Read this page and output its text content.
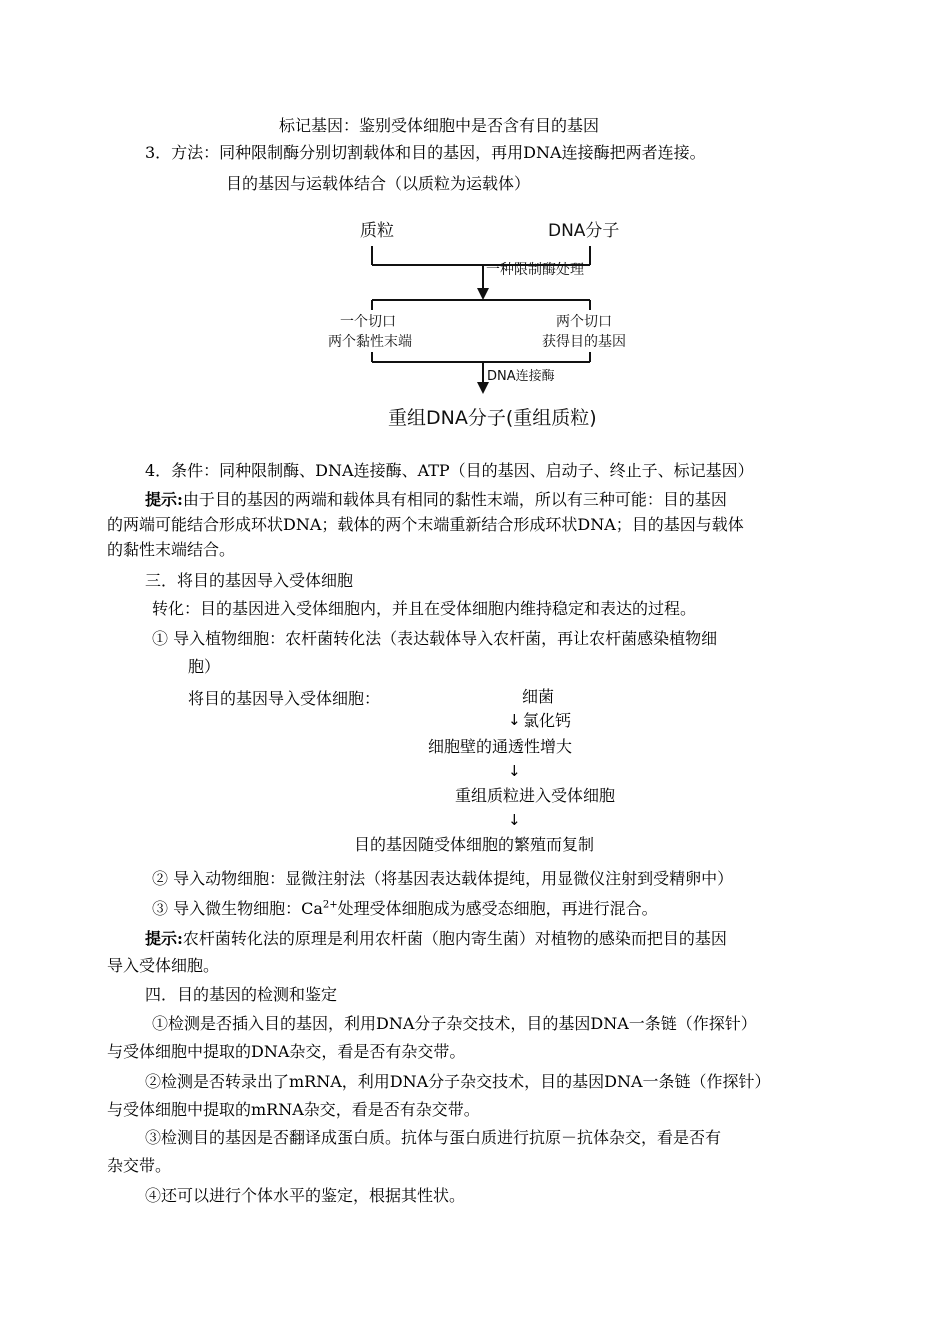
标记基因：鉴别受体细胞中是否含有目的基因
3．方法：同种限制酶分别切割载体和目的基因，再用DNA连接酶把两者连接。
目的基因与运载体结合（以质粒为运载体）
质粒	DNA分子
一种限制酶处理
一个切口
两个黏性末端
两个切口
获得目的基因
DNA连接酶
重组DNA分子(重组质粒)
4．条件：同种限制酶、DNA连接酶、ATP（目的基因、启动子、终止子、标记基因）
提示:由于目的基因的两端和载体具有相同的黏性末端，所以有三种可能：目的基因
的两端可能结合形成环状DNA；载体的两个末端重新结合形成环状DNA；目的基因与载体
的黏性末端结合。
三．将目的基因导入受体细胞
转化：目的基因进入受体细胞内，并且在受体细胞内维持稳定和表达的过程。
① 导入植物细胞：农杆菌转化法（表达载体导入农杆菌，再让农杆菌感染植物细
胞）
将目的基因导入受体细胞：	细菌
↓ 氯化钙
细胞壁的通透性增大
↓
重组质粒进入受体细胞
↓
目的基因随受体细胞的繁殖而复制
② 导入动物细胞：显微注射法（将基因表达载体提纯，用显微仪注射到受精卵中）
③ 导入微生物细胞：$Ca^{2+}$处理受体细胞成为感受态细胞，再进行混合。
提示:农杆菌转化法的原理是利用农杆菌（胞内寄生菌）对植物的感染而把目的基因
导入受体细胞。
四．目的基因的检测和鉴定
①检测是否插入目的基因，利用DNA分子杂交技术，目的基因DNA一条链（作探针）
与受体细胞中提取的DNA杂交，看是否有杂交带。
②检测是否转录出了mRNA，利用DNA分子杂交技术，目的基因DNA一条链（作探针）
与受体细胞中提取的mRNA杂交，看是否有杂交带。
③检测目的基因是否翻译成蛋白质。抗体与蛋白质进行抗原－抗体杂交，看是否有
杂交带。
④还可以进行个体水平的鉴定，根据其性状。
